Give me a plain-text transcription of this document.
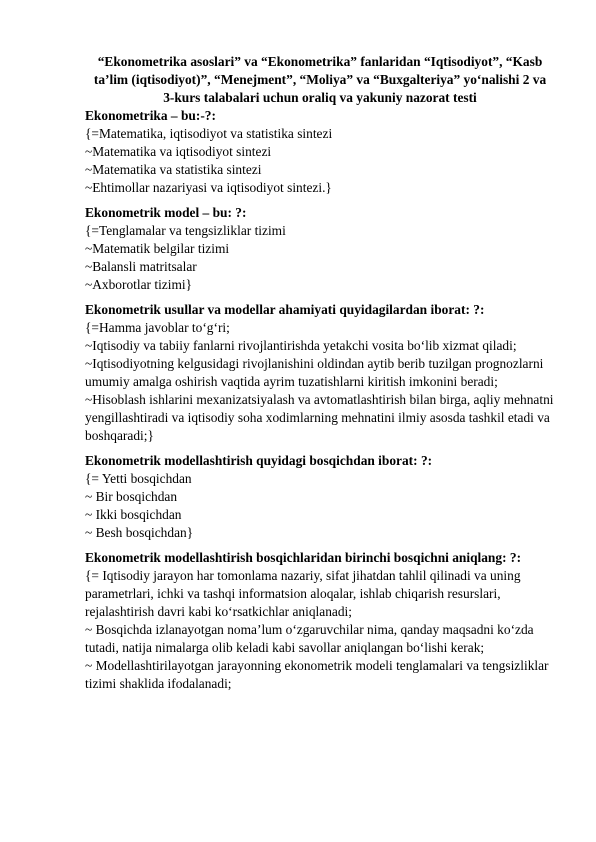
“Ekonometrika asoslari” va “Ekonometrika” fanlaridan “Iqtisodiyot”, “Kasb ta’lim (iqtisodiyot)”, “Menejment”, “Moliya” va “Buxgalteriya” yo‘nalishi 2 va 3-kurs talabalari uchun oraliq va yakuniy nazorat testi

Ekonometrika – bu:-?:

{=Matematika, iqtisodiyot va statistika sintezi
~Matematika va iqtisodiyot sintezi
~Matematika va statistika sintezi
~Ehtimollar nazariyasi va iqtisodiyot sintezi.}

Ekonometrik model – bu: ?:

{=Tenglamalar va tengsizliklar tizimi
~Matematik belgilar tizimi
~Balansli matritsalar
~Axborotlar tizimi}

Ekonometrik usullar va modellar ahamiyati quyidagilardan iborat: ?:

{=Hamma javoblar to‘g‘ri;
~Iqtisodiy va tabiiy fanlarni rivojlantirishda yetakchi vosita bo‘lib xizmat qiladi;
~Iqtisodiyotning kelgusidagi rivojlanishini oldindan aytib berib tuzilgan prognozlarni umumiy amalga oshirish vaqtida ayrim tuzatishlarni kiritish imkonini beradi;
~Hisoblash ishlarini mexanizatsiyalash va avtomatlashtirish bilan birga, aqliy mehnatni yengillashtiradi va iqtisodiy soha xodimlarning mehnatini ilmiy asosda tashkil etadi va boshqaradi;}

Ekonometrik modellashtirish quyidagi bosqichdan iborat: ?:

{= Yetti bosqichdan
~ Bir bosqichdan
~ Ikki bosqichdan
~ Besh bosqichdan}

Ekonometrik modellashtirish bosqichlaridan birinchi bosqichni aniqlang: ?:

{= Iqtisodiy jarayon har tomonlama nazariy, sifat jihatdan tahlil qilinadi va uning parametrlari, ichki va tashqi informatsion aloqalar, ishlab chiqarish resurslari, rejalashtirish davri kabi ko‘rsatkichlar aniqlanadi;
~ Bosqichda izlanayotgan noma’lum o‘zgaruvchilar nima, qanday maqsadni ko‘zda tutadi, natija nimalarga olib keladi kabi savollar aniqlangan bo‘lishi kerak;
~ Modellashtirilayotgan jarayonning ekonometrik modeli tenglamalari va tengsizliklar tizimi shaklida ifodalanadi;
